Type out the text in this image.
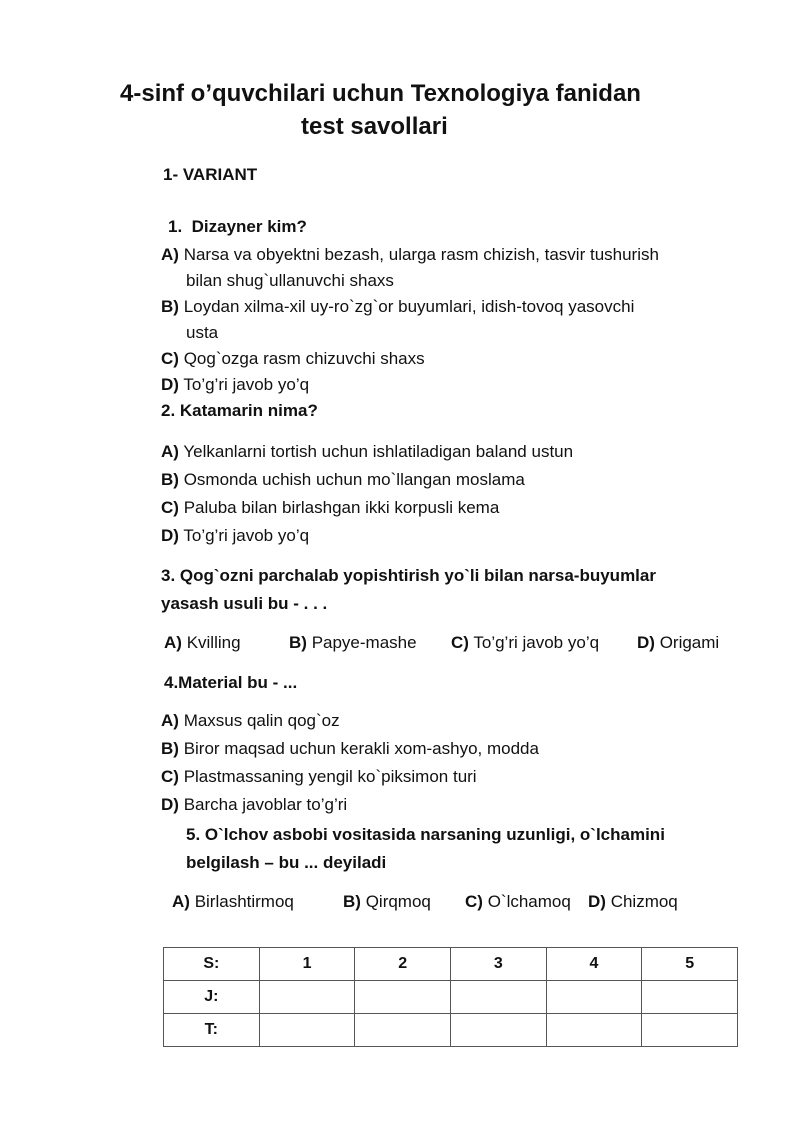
4-sinf o’quvchilari uchun Texnologiya fanidan
test savollari
1- VARIANT
1. Dizayner kim?
A) Narsa va obyektni bezash, ularga rasm chizish, tasvir tushurish
bilan shug`ullanuvchi shaxs
B) Loydan xilma-xil uy-ro`zg`or buyumlari, idish-tovoq yasovchi
usta
C) Qog`ozga rasm chizuvchi shaxs
D) To’g’ri javob yo’q
2. Katamarin nima?
A) Yelkanlarni tortish uchun ishlatiladigan baland ustun
B) Osmonda uchish uchun mo`llangan moslama
C) Paluba bilan birlashgan ikki korpusli kema
D) To’g’ri javob yo’q
3. Qog`ozni parchalab yopishtirish yo`li bilan narsa-buyumlar
yasash usuli bu - . . .
A) Kvilling	B) Papye-mashe C) To’g’ri javob yo’q D) Origami
4.Material bu - ...
A) Maxsus qalin qog`oz
B) Biror maqsad uchun kerakli xom-ashyo, modda
C) Plastmassaning yengil ko`piksimon turi
D) Barcha javoblar to’g’ri
5. O`lchov asbobi vositasida narsaning uzunligi, o`lchamini
belgilash – bu ... deyiladi
A) Birlashtirmoq	B) Qirqmoq C) O`lchamoq D) Chizmoq
S:	1	2	3	4	5
J:					
T:					
